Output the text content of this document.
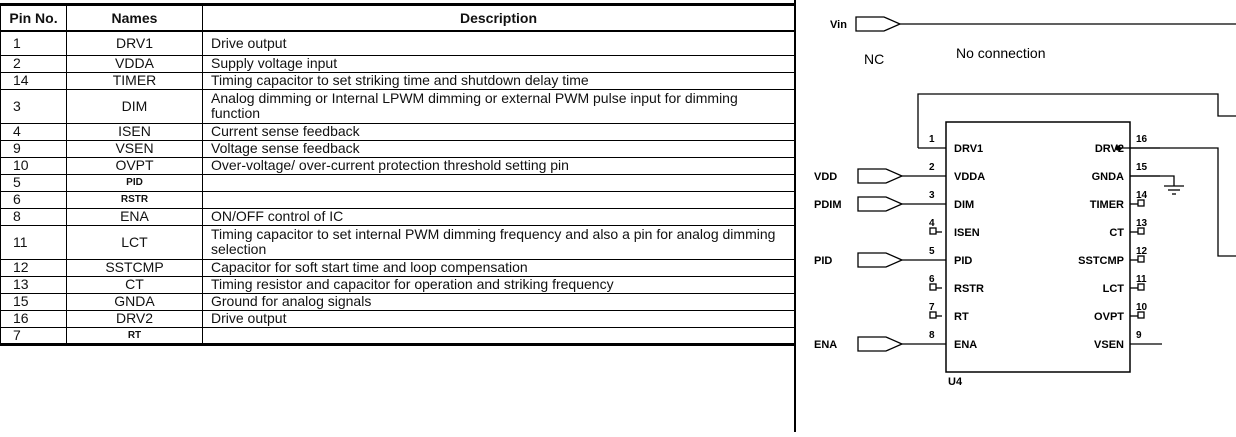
Pin No.	Names	Description
1	DRV1	Drive output
2	VDDA	Supply voltage input
14	TIMER	Timing capacitor to set striking time and shutdown delay time
3	DIM	Analog dimming or Internal LPWM dimming or external PWM pulse input for dimming function
4	ISEN	Current sense feedback
9	VSEN	Voltage sense feedback
10	OVPT	Over-voltage/ over-current protection threshold setting pin
5	PID	
6	RSTR	
8	ENA	ON/OFF control of IC
11	LCT	Timing capacitor to set internal PWM dimming frequency and also a pin for analog dimming selection
12	SSTCMP	Capacitor for soft start time and loop compensation
13	CT	Timing resistor and capacitor for operation and striking frequency
15	GNDA	Ground for analog signals
16	DRV2	Drive output
7	RT	
Vin
NC	No connection
U4
1
DRV1
2
VDDA
3
DIM
4
ISEN
5
PID
6
RSTR
7
RT
8
ENA
VDD
PDIM
PID
ENA
16
DRV2
15
GNDA
14
TIMER
13
CT
12
SSTCMP
11
LCT
10
OVPT
9
VSEN
